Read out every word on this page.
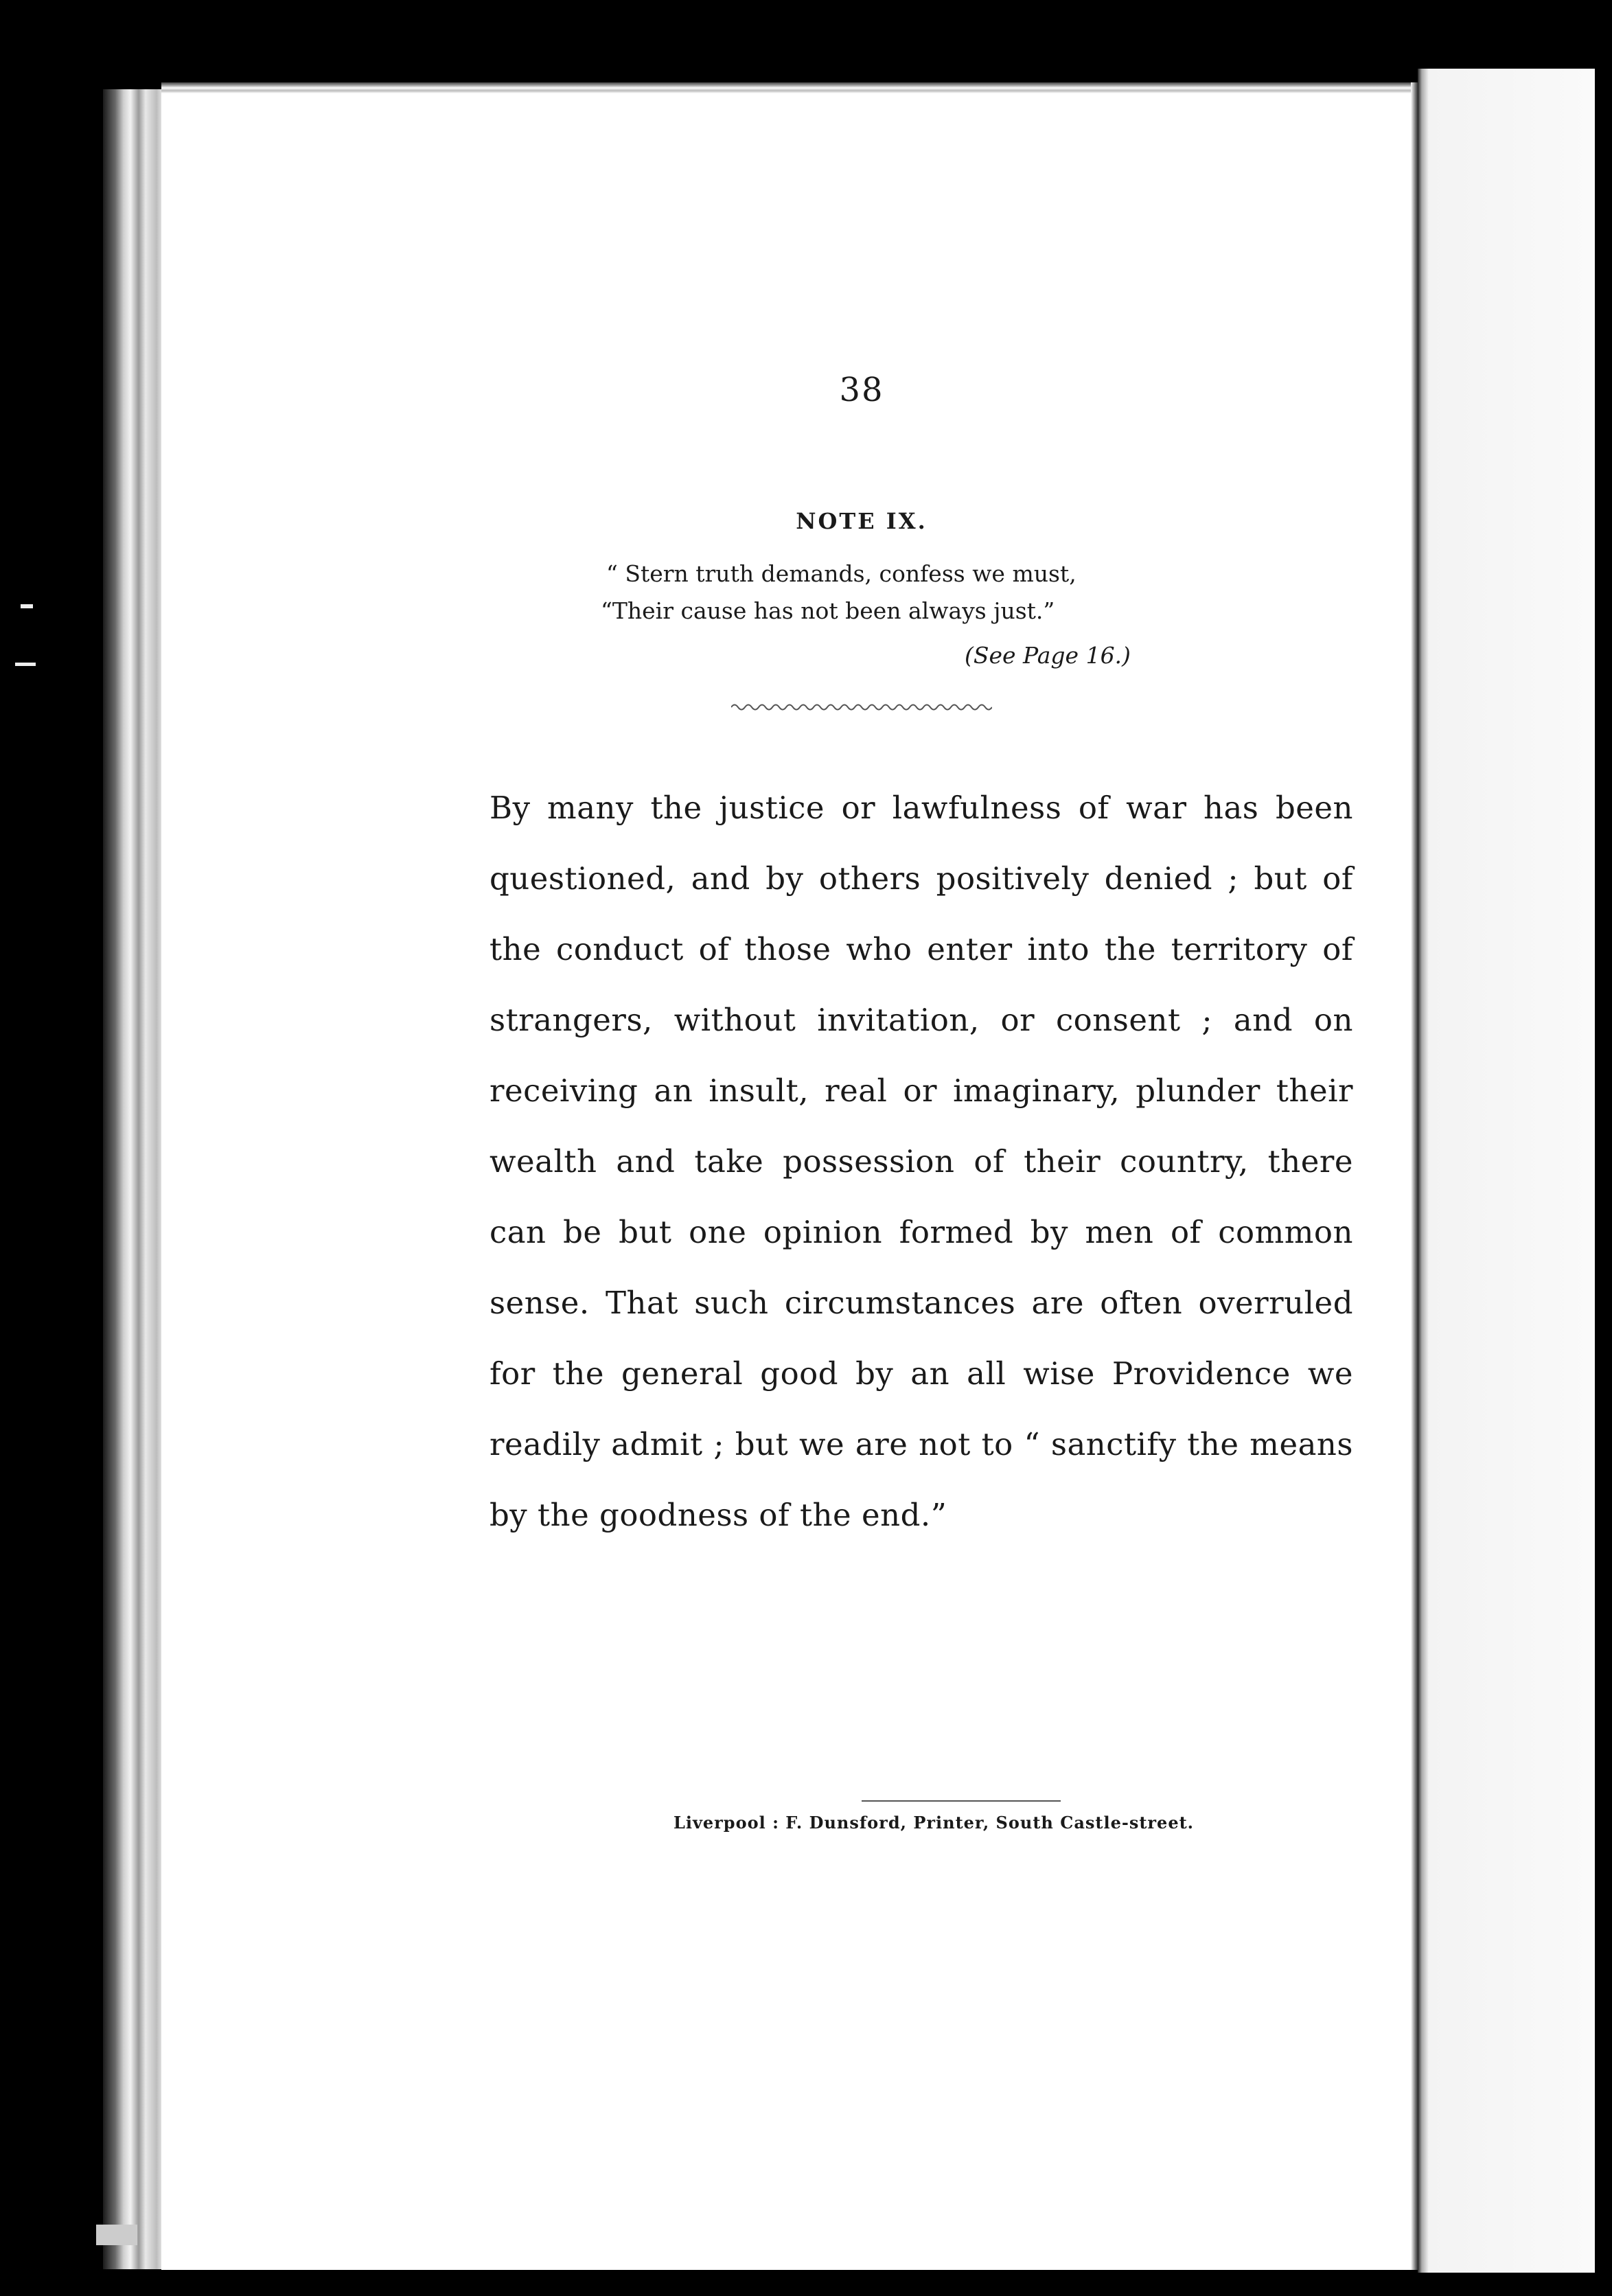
38
NOTE IX.
“ Stern truth demands, confess we must,
“Their cause has not been always just.”
(See Page 16.)
By many the justice or lawfulness of war has been questioned, and by others positively denied ; but of the conduct of those who enter into the territory of strangers, without invitation, or consent ; and on receiving an insult, real or imaginary, plunder their wealth and take possession of their country, there can be but one opinion formed by men of common sense. That such circumstances are often overruled for the general good by an all wise Providence we readily admit ; but we are not to “ sanctify the means by the goodness of the end.”
Liverpool : F. Dunsford, Printer, South Castle-street.
